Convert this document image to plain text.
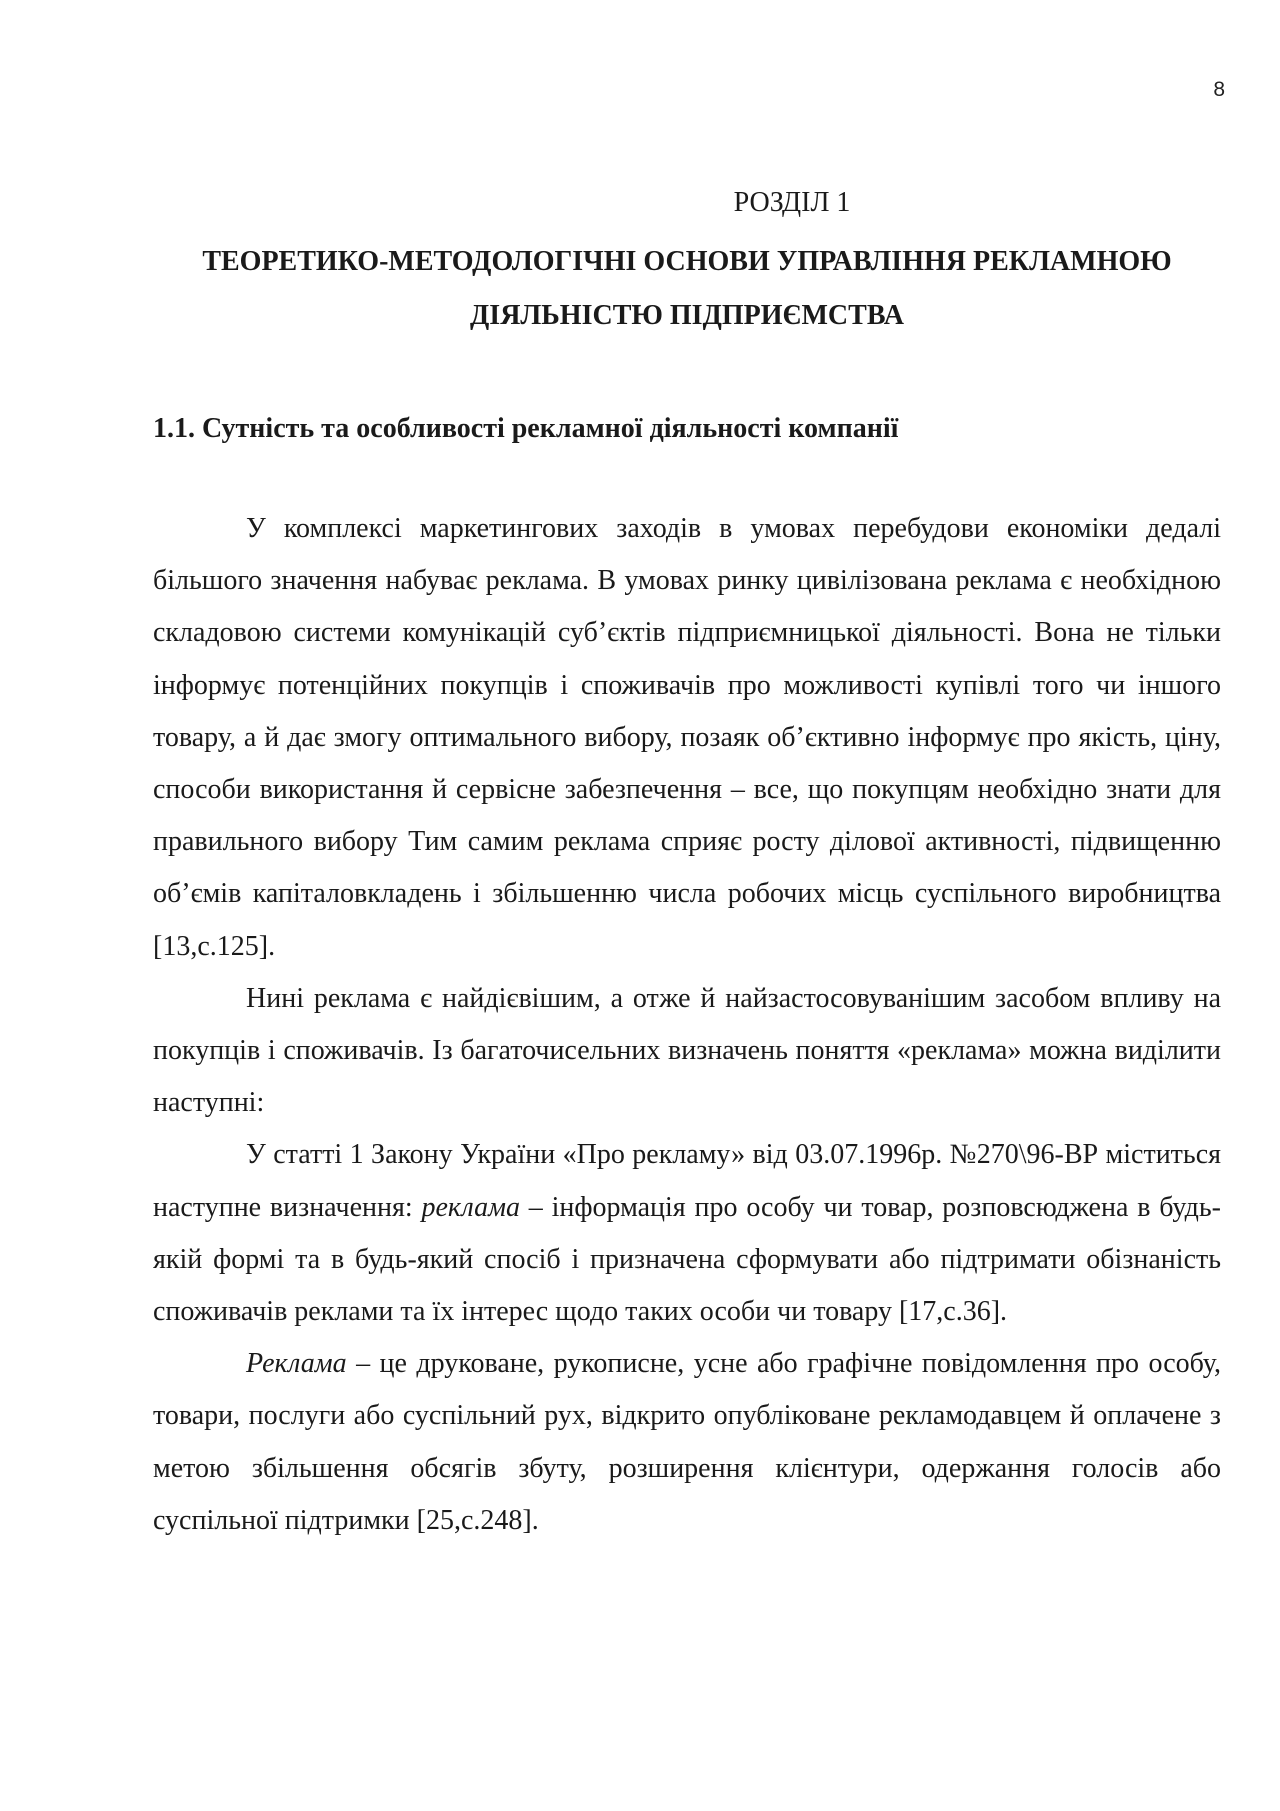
8
РОЗДІЛ 1
ТЕОРЕТИКО-МЕТОДОЛОГІЧНІ ОСНОВИ УПРАВЛІННЯ РЕКЛАМНОЮ ДІЯЛЬНІСТЮ ПІДПРИЄМСТВА
1.1. Сутність та особливості рекламної діяльності компанії

У комплексі маркетингових заходів в умовах перебудови економіки дедалі більшого значення набуває реклама. В умовах ринку цивілізована реклама є необхідною складовою системи комунікацій суб’єктів підприємницької діяльності. Вона не тільки інформує потенційних покупців і споживачів про можливості купівлі того чи іншого товару, а й дає змогу оптимального вибору, позаяк об’єктивно інформує про якість, ціну, способи використання й сервісне забезпечення – все, що покупцям необхідно знати для правильного вибору Тим самим реклама сприяє росту ділової активності, підвищенню об’ємів капіталовкладень і збільшенню числа робочих місць суспільного виробництва [13,с.125].

Нині реклама є найдієвішим, а отже й найзастосовуванішим засобом впливу на покупців і споживачів. Із багаточисельних визначень поняття «реклама» можна виділити наступні:

У статті 1 Закону України «Про рекламу» від 03.07.1996р. №270\96-ВР міститься наступне визначення: реклама – інформація про особу чи товар, розповсюджена в будь-якій формі та в будь-який спосіб і призначена сформувати або підтримати обізнаність споживачів реклами та їх інтерес щодо таких особи чи товару [17,с.36].

Реклама – це друковане, рукописне, усне або графічне повідомлення про особу, товари, послуги або суспільний рух, відкрито опубліковане рекламодавцем й оплачене з метою збільшення обсягів збуту, розширення клієнтури, одержання голосів або суспільної підтримки [25,с.248].
